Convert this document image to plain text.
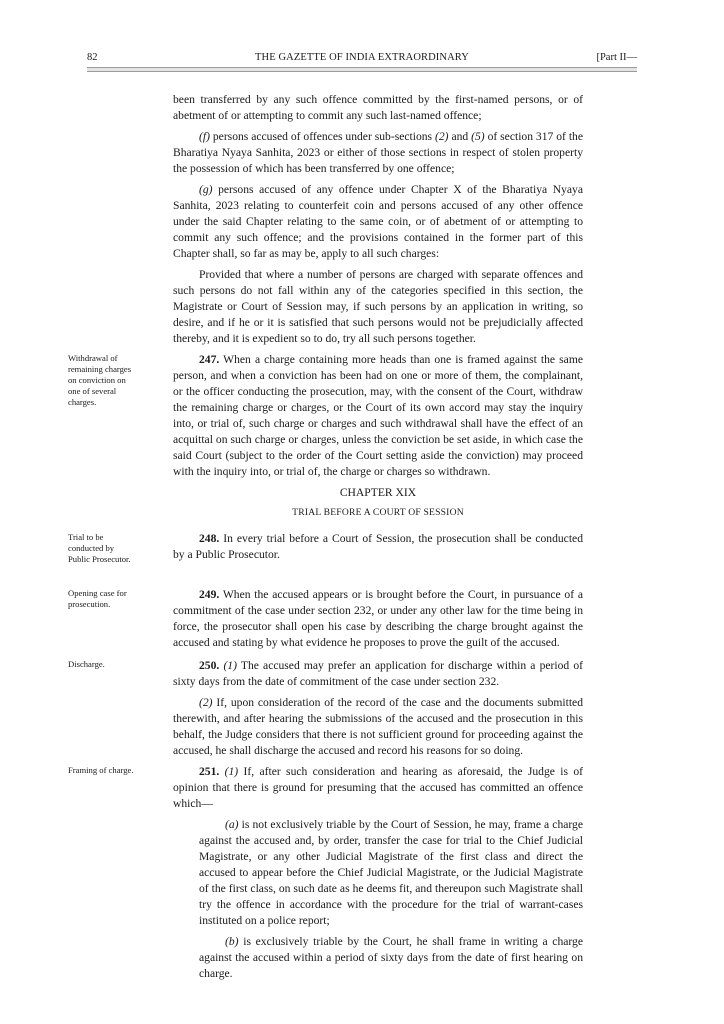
82	THE GAZETTE OF INDIA EXTRAORDINARY	[Part II—

been transferred by any such offence committed by the first-named persons, or of abetment of or attempting to commit any such last-named offence;

(f) persons accused of offences under sub-sections (2) and (5) of section 317 of the Bharatiya Nyaya Sanhita, 2023 or either of those sections in respect of stolen property the possession of which has been transferred by one offence;

(g) persons accused of any offence under Chapter X of the Bharatiya Nyaya Sanhita, 2023 relating to counterfeit coin and persons accused of any other offence under the said Chapter relating to the same coin, or of abetment of or attempting to commit any such offence; and the provisions contained in the former part of this Chapter shall, so far as may be, apply to all such charges:

Provided that where a number of persons are charged with separate offences and such persons do not fall within any of the categories specified in this section, the Magistrate or Court of Session may, if such persons by an application in writing, so desire, and if he or it is satisfied that such persons would not be prejudicially affected thereby, and it is expedient so to do, try all such persons together.

Withdrawal of remaining charges on conviction on one of several charges.

247. When a charge containing more heads than one is framed against the same person, and when a conviction has been had on one or more of them, the complainant, or the officer conducting the prosecution, may, with the consent of the Court, withdraw the remaining charge or charges, or the Court of its own accord may stay the inquiry into, or trial of, such charge or charges and such withdrawal shall have the effect of an acquittal on such charge or charges, unless the conviction be set aside, in which case the said Court (subject to the order of the Court setting aside the conviction) may proceed with the inquiry into, or trial of, the charge or charges so withdrawn.

CHAPTER XIX
TRIAL BEFORE A COURT OF SESSION
Trial to be conducted by Public Prosecutor.

248. In every trial before a Court of Session, the prosecution shall be conducted by a Public Prosecutor.

Opening case for prosecution.

249. When the accused appears or is brought before the Court, in pursuance of a commitment of the case under section 232, or under any other law for the time being in force, the prosecutor shall open his case by describing the charge brought against the accused and stating by what evidence he proposes to prove the guilt of the accused.

Discharge.	250. (1) The accused may prefer an application for discharge within a period of sixty days from the date of commitment of the case under section 232.

(2) If, upon consideration of the record of the case and the documents submitted therewith, and after hearing the submissions of the accused and the prosecution in this behalf, the Judge considers that there is not sufficient ground for proceeding against the accused, he shall discharge the accused and record his reasons for so doing.

Framing of charge.	251. (1) If, after such consideration and hearing as aforesaid, the Judge is of opinion that there is ground for presuming that the accused has committed an offence which—

(a) is not exclusively triable by the Court of Session, he may, frame a charge against the accused and, by order, transfer the case for trial to the Chief Judicial Magistrate, or any other Judicial Magistrate of the first class and direct the accused to appear before the Chief Judicial Magistrate, or the Judicial Magistrate of the first class, on such date as he deems fit, and thereupon such Magistrate shall try the offence in accordance with the procedure for the trial of warrant-cases instituted on a police report;

(b) is exclusively triable by the Court, he shall frame in writing a charge against the accused within a period of sixty days from the date of first hearing on charge.
